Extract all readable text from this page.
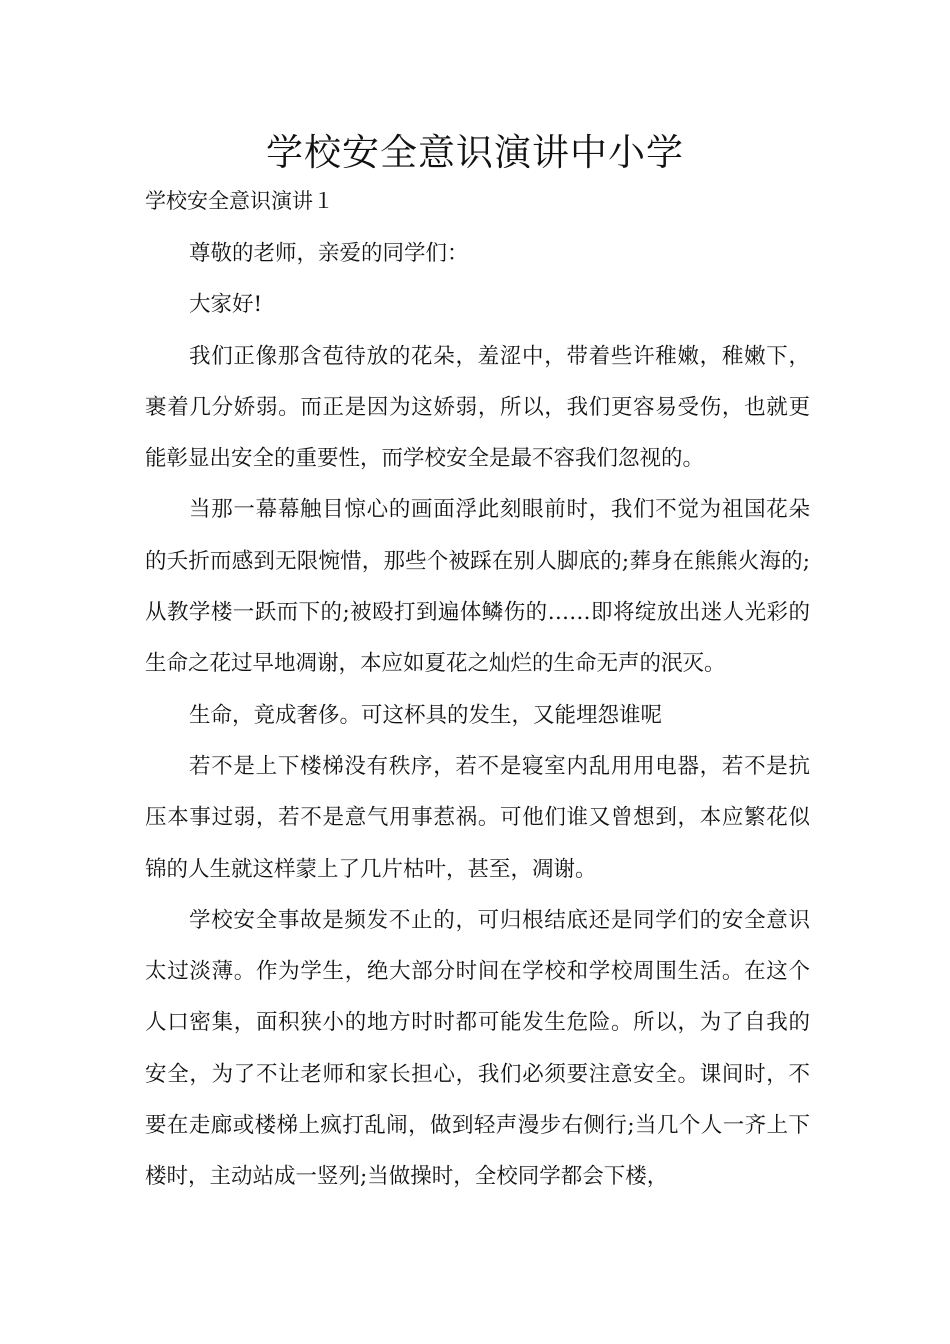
学校安全意识演讲中小学

学校安全意识演讲１

尊敬的老师，亲爱的同学们：

大家好!

我们正像那含苞待放的花朵，羞涩中，带着些许稚嫩，稚嫩下，裹着几分娇弱。而正是因为这娇弱，所以，我们更容易受伤，也就更能彰显出安全的重要性，而学校安全是最不容我们忽视的。

当那一幕幕触目惊心的画面浮此刻眼前时，我们不觉为祖国花朵的夭折而感到无限惋惜，那些个被踩在别人脚底的;葬身在熊熊火海的;从教学楼一跃而下的;被殴打到遍体鳞伤的……即将绽放出迷人光彩的生命之花过早地凋谢，本应如夏花之灿烂的生命无声的泯灭。

生命，竟成奢侈。可这杯具的发生，又能埋怨谁呢

若不是上下楼梯没有秩序，若不是寝室内乱用用电器，若不是抗压本事过弱，若不是意气用事惹祸。可他们谁又曾想到，本应繁花似锦的人生就这样蒙上了几片枯叶，甚至，凋谢。

学校安全事故是频发不止的，可归根结底还是同学们的安全意识太过淡薄。作为学生，绝大部分时间在学校和学校周围生活。在这个人口密集，面积狭小的地方时时都可能发生危险。所以，为了自我的安全，为了不让老师和家长担心，我们必须要注意安全。课间时，不要在走廊或楼梯上疯打乱闹，做到轻声漫步右侧行;当几个人一齐上下楼时，主动站成一竖列;当做操时，全校同学都会下楼，
